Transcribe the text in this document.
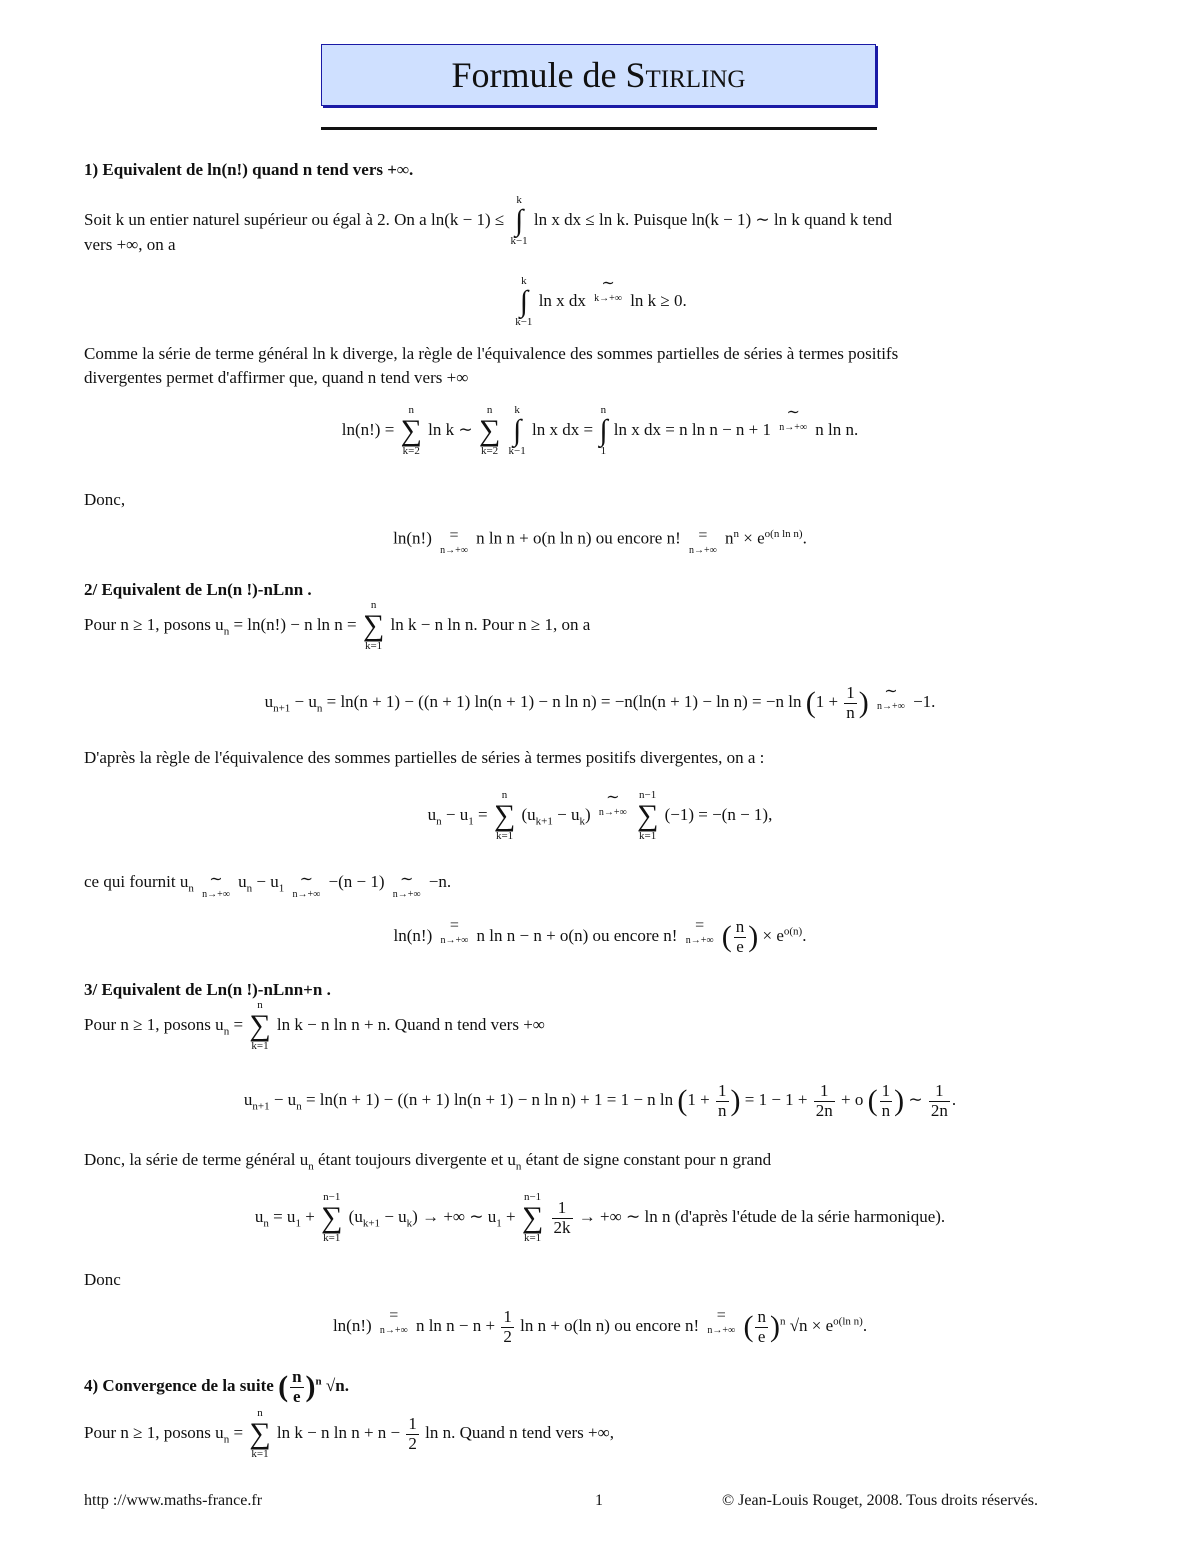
Formule de Stirling
1) Equivalent de ln(n!) quand n tend vers +∞.
Soit k un entier naturel supérieur ou égal à 2. On a ln(k − 1) ≤
k
∫
k−1
ln x dx ≤ ln k. Puisque ln(k − 1) ∼ ln k quand k tend
vers +∞, on a
k
∫
k−1
ln x dx
∼
k→+∞ ln k ≥ 0.
Comme la série de terme général ln k diverge, la règle de l'équivalence des sommes partielles de séries à termes positifs
divergentes permet d'affirmer que, quand n tend vers +∞
ln(n!) =
n
∑
k=2
ln k ∼
n
∑
k=2

k
∫
k−1
ln x dx =
n
∫
1
ln x dx = n ln n − n + 1
∼
n→+∞ n ln n.
Donc,
ln(n!)	=
n→+∞
n ln n + o(n ln n) ou encore n!	=
n→+∞
$n^n \times e^{o(n ln n)}$.
2/ Equivalent de Ln(n !)-nLnn .
Pour n ≥ 1, posons $u_n = \ln(n!) - n$ ln n =
n
∑
k=1
ln k − n ln n. Pour n ≥ 1, on a
$u_{n+1} - u_n = \ln(n + 1) - ((n + 1) \ln(n + 1) - n$ ln n) = −n(ln(n + 1) − ln n) = −n $\ln (1 + \frac{1}{n}$ ) ∼
n→+∞ −1.
D'après la règle de l'équivalence des sommes partielles de séries à termes positifs divergentes, on a :
$u_n - u_1$ =
n
∑
k=1
$(u_{k+1} - u_k)$
∼
n→+∞

n−1
∑
k=1
(−1) = −(n − 1),
ce qui fournit $u_n$
∼
n→+∞
$u_n - u_1$
∼
n→+∞
−(n − 1) ∼
n→+∞
−n.
ln(n!)
=
n→+∞ n ln n − n + o(n) ou encore n!
=
n→+∞ ( $\frac{n}{e}$ ) × $e^{o(n)}$.
3/ Equivalent de Ln(n !)-nLnn+n .
Pour n ≥ 1, posons $u_n$ =
n
∑
k=1
ln k − n ln n + n. Quand n tend vers +∞
$u_{n+1} - u_n = \ln(n + 1) - ((n + 1) \ln(n + 1) - n$ ln n) + 1 = 1 − n $\ln (1 + \frac{1}{n}$ ) = $1 - 1 + \frac{1}{2n} + o$ ( $\frac{1}{n}$ ) ∼ $\frac{1}{2n}$ .
Donc, la série de terme général $u_n$ étant toujours divergente et $u_n$ étant de signe constant pour n grand
$u_n = u_1$ +
n−1
∑
k=1
$(u_{k+1} - u_k)$ → +∞ ∼ $u_1$ +
n−1
∑
k=1

$\frac{1}{2k}$ → +∞ ∼ ln n (d'après l'étude de la série harmonique).
Donc
ln(n!)
=
n→+∞ n $\ln n - n + \frac{1}{2}$ ln n + o(ln n) ou encore n!
=
n→+∞ ( $\frac{n}{e} )^n$ $√n \times e^{o(ln n)}$.
4) Convergence de la suite ( $\frac{n}{e} )^n$ √n.
Pour n ≥ 1, posons $u_n$ =
n
∑
k=1
ln k − n $\ln n + n - \frac{1}{2}$ ln n. Quand n tend vers +∞,
http ://www.maths-france.fr	1	© Jean-Louis Rouget, 2008. Tous droits réservés.
